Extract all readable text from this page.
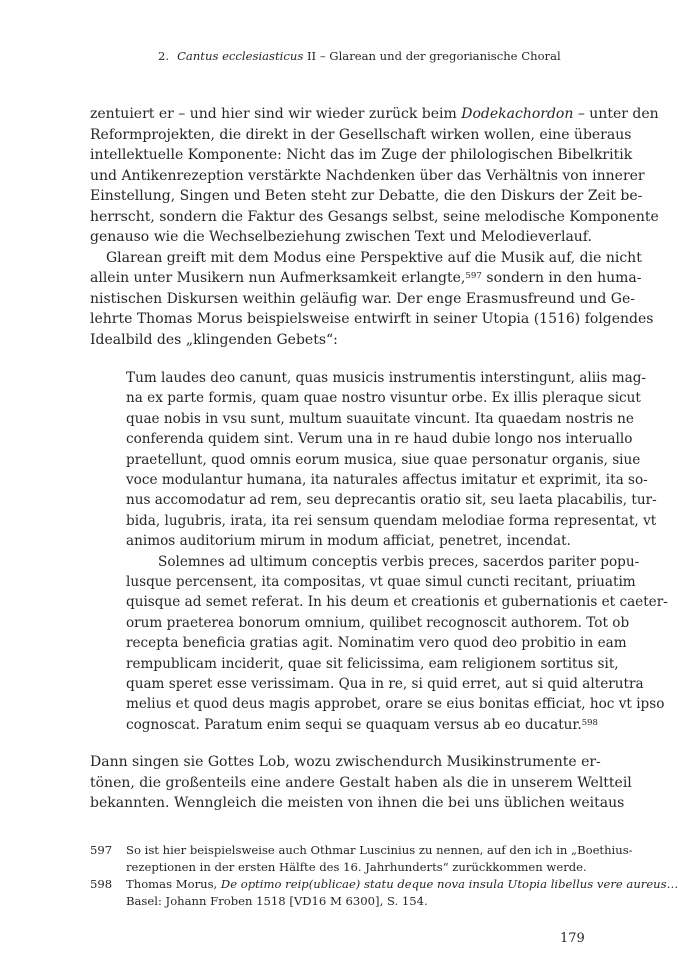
2. Cantus ecclesiasticus II – Glarean und der gregorianische Choral
zentuiert er – und hier sind wir wieder zurück beim Dodekachordon – unter den
Reformprojekten, die direkt in der Gesellschaft wirken wollen, eine überaus
intellektuelle Komponente: Nicht das im Zuge der philologischen Bibelkritik
und Antikenrezeption verstärkte Nachdenken über das Verhältnis von innerer
Einstellung, Singen und Beten steht zur Debatte, die den Diskurs der Zeit be-
herrscht, sondern die Faktur des Gesangs selbst, seine melodische Komponente
genauso wie die Wechselbeziehung zwischen Text und Melodieverlauf.
Glarean greift mit dem Modus eine Perspektive auf die Musik auf, die nicht
allein unter Musikern nun Aufmerksamkeit erlangte,$^{597}$ sondern in den huma-
nistischen Diskursen weithin geläufig war. Der enge Erasmusfreund und Ge-
lehrte Thomas Morus beispielsweise entwirft in seiner Utopia (1516) folgendes
Idealbild des „klingenden Gebets“:
Tum laudes deo canunt, quas musicis instrumentis interstingunt, aliis mag-
na ex parte formis, quam quae nostro visuntur orbe. Ex illis pleraque sicut
quae nobis in vsu sunt, multum suauitate vincunt. Ita quaedam nostris ne
conferenda quidem sint. Verum una in re haud dubie longo nos interuallo
praetellunt, quod omnis eorum musica, siue quae personatur organis, siue
voce modulantur humana, ita naturales affectus imitatur et exprimit, ita so-
nus accomodatur ad rem, seu deprecantis oratio sit, seu laeta placabilis, tur-
bida, lugubris, irata, ita rei sensum quendam melodiae forma representat, vt
animos auditorium mirum in modum afficiat, penetret, incendat.
Solemnes ad ultimum conceptis verbis preces, sacerdos pariter popu-
lusque percensent, ita compositas, vt quae simul cuncti recitant, priuatim
quisque ad semet referat. In his deum et creationis et gubernationis et caeter-
orum praeterea bonorum omnium, quilibet recognoscit authorem. Tot ob
recepta beneficia gratias agit. Nominatim vero quod deo probitio in eam
rempublicam inciderit, quae sit felicissima, eam religionem sortitus sit,
quam speret esse verissimam. Qua in re, si quid erret, aut si quid alterutra
melius et quod deus magis approbet, orare se eius bonitas efficiat, hoc vt ipso
cognoscat. Paratum enim sequi se quaquam versus ab eo ducatur.$^{598}$
Dann singen sie Gottes Lob, wozu zwischendurch Musikinstrumente er-
tönen, die großenteils eine andere Gestalt haben als die in unserem Weltteil
bekannten. Wenngleich die meisten von ihnen die bei uns üblichen weitaus
597 So ist hier beispielsweise auch Othmar Luscinius zu nennen, auf den ich in „Boethius-
rezeptionen in der ersten Hälfte des 16. Jahrhunderts“ zurückkommen werde.
598 Thomas Morus, De optimo reip(ublicae) statu deque nova insula Utopia libellus vere aureus…
Basel: Johann Froben 1518 [VD16 M 6300], S. 154.
179
